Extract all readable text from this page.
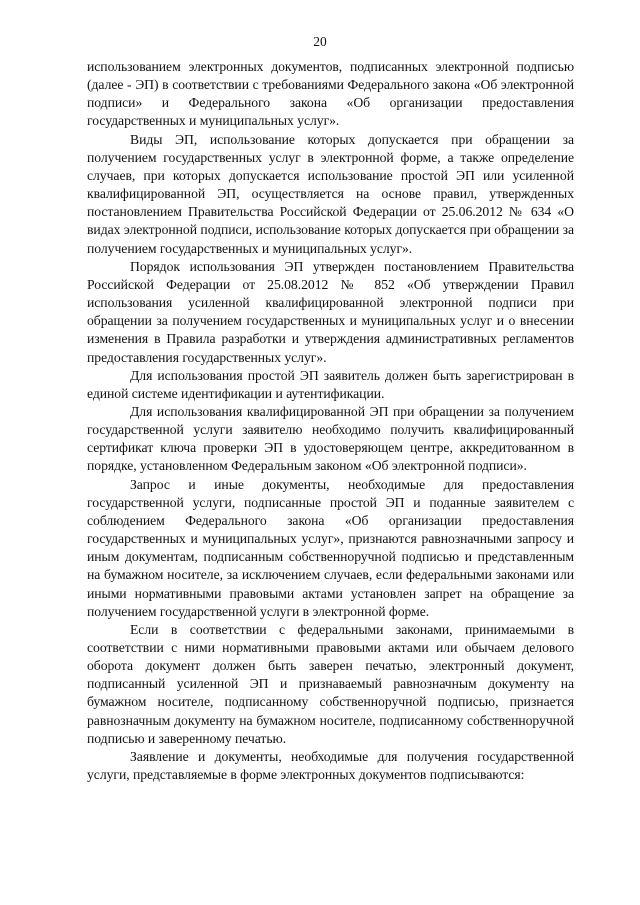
20

использованием электронных документов, подписанных электронной подписью (далее - ЭП) в соответствии с требованиями Федерального закона «Об электронной подписи» и Федерального закона «Об организации предоставления государственных и муниципальных услуг».

Виды ЭП, использование которых допускается при обращении за получением государственных услуг в электронной форме, а также определение случаев, при которых допускается использование простой ЭП или усиленной квалифицированной ЭП, осуществляется на основе правил, утвержденных постановлением Правительства Российской Федерации от 25.06.2012 № 634 «О видах электронной подписи, использование которых допускается при обращении за получением государственных и муниципальных услуг».

Порядок использования ЭП утвержден постановлением Правительства Российской Федерации от 25.08.2012 № 852 «Об утверждении Правил использования усиленной квалифицированной электронной подписи при обращении за получением государственных и муниципальных услуг и о внесении изменения в Правила разработки и утверждения административных регламентов предоставления государственных услуг».

Для использования простой ЭП заявитель должен быть зарегистрирован в единой системе идентификации и аутентификации.

Для использования квалифицированной ЭП при обращении за получением государственной услуги заявителю необходимо получить квалифицированный сертификат ключа проверки ЭП в удостоверяющем центре, аккредитованном в порядке, установленном Федеральным законом «Об электронной подписи».

Запрос и иные документы, необходимые для предоставления государственной услуги, подписанные простой ЭП и поданные заявителем с соблюдением Федерального закона «Об организации предоставления государственных и муниципальных услуг», признаются равнозначными запросу и иным документам, подписанным собственноручной подписью и представленным на бумажном носителе, за исключением случаев, если федеральными законами или иными нормативными правовыми актами установлен запрет на обращение за получением государственной услуги в электронной форме.

Если в соответствии с федеральными законами, принимаемыми в соответствии с ними нормативными правовыми актами или обычаем делового оборота документ должен быть заверен печатью, электронный документ, подписанный усиленной ЭП и признаваемый равнозначным документу на бумажном носителе, подписанному собственноручной подписью, признается равнозначным документу на бумажном носителе, подписанному собственноручной подписью и заверенному печатью.

Заявление и документы, необходимые для получения государственной услуги, представляемые в форме электронных документов подписываются:
